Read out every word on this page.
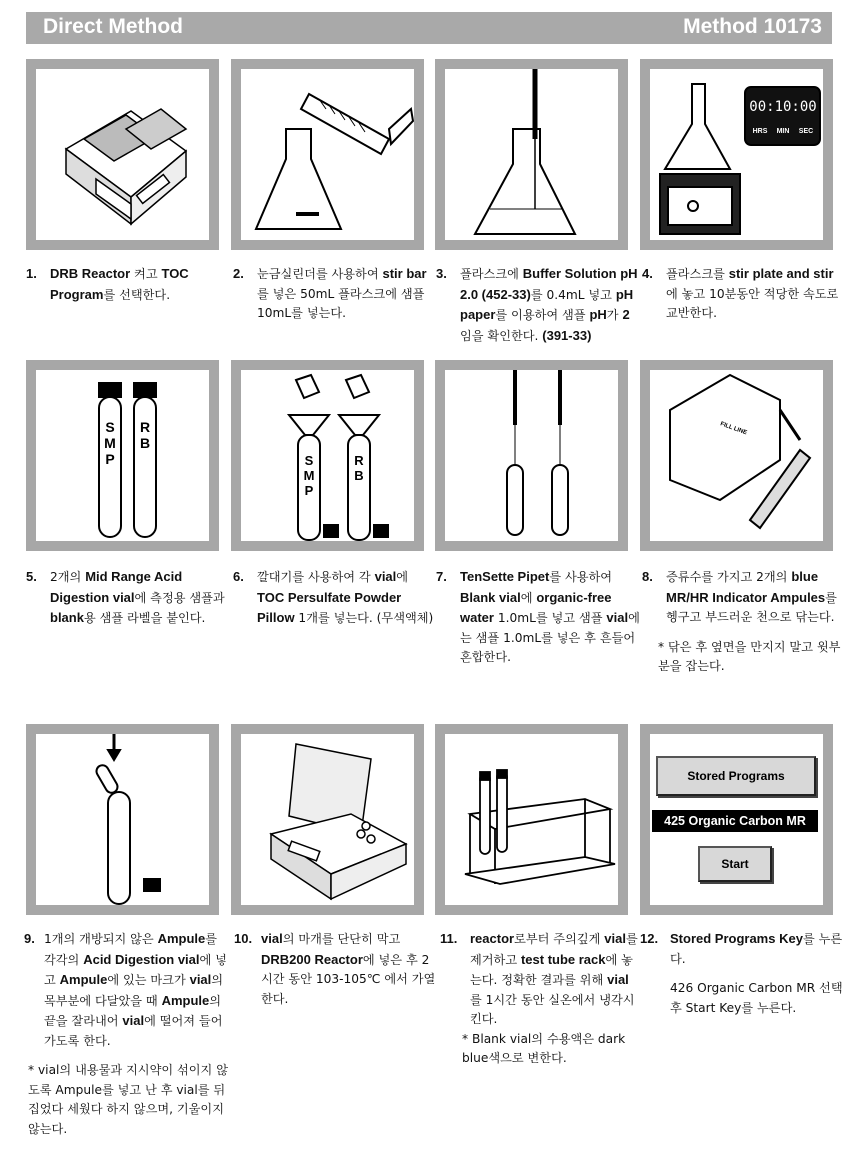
Direct Method	Method 10173
00:10:00
HRS MIN SEC
S
M
P
R
B
S
M
P
R
B
FILL LINE
Stored Programs
425 Organic Carbon MR
Start
1. DRB Reactor 켜고 TOC Program를 선택한다.
2. 눈금실린더를 사용하여 stir bar를 넣은 50mL 플라스크에 샘플 10mL를 넣는다.
3. 플라스크에 Buffer Solution pH 2.0 (452-33)를 0.4mL 넣고 pH paper를 이용하여 샘플 pH가 2임을 확인한다. (391-33)
4. 플라스크를 stir plate and stir에 놓고 10분동안 적당한 속도로 교반한다.
5. 2개의 Mid Range Acid Digestion vial에 측정용 샘플과 blank용 샘플 라벨을 붙인다.
6. 깔대기를 사용하여 각 vial에 TOC Persulfate Powder Pillow 1개를 넣는다. (무색액체)
7. TenSette Pipet를 사용하여 Blank vial에 organic-free water 1.0mL를 넣고 샘플 vial에는 샘플 1.0mL를 넣은 후 흔들어 혼합한다.
8. 증류수를 가지고 2개의 blue MR/HR Indicator Ampules를 헹구고 부드러운 천으로 닦는다.
* 닦은 후 옆면을 만지지 말고 윗부분을 잡는다.
9. 1개의 개방되지 않은 Ampule를 각각의 Acid Digestion vial에 넣고 Ampule에 있는 마크가 vial의 목부분에 다달았을 때 Ampule의 끝을 잘라내어 vial에 떨어져 들어가도록 한다.
* vial의 내용물과 지시약이 섞이지 않도록 Ampule를 넣고 난 후 vial를 뒤집었다 세웠다 하지 않으며, 기울이지 않는다.
10. vial의 마개를 단단히 막고 DRB200 Reactor에 넣은 후 2시간 동안 103-105℃ 에서 가열한다.
11. reactor로부터 주의깊게 vial를 제거하고 test tube rack에 놓는다. 정확한 결과를 위해 vial를 1시간 동안 실온에서 냉각시킨다.
* Blank vial의 수용액은 dark blue색으로 변한다.
12. Stored Programs Key를 누른다.
426 Organic Carbon MR 선택 후 Start Key를 누른다.
